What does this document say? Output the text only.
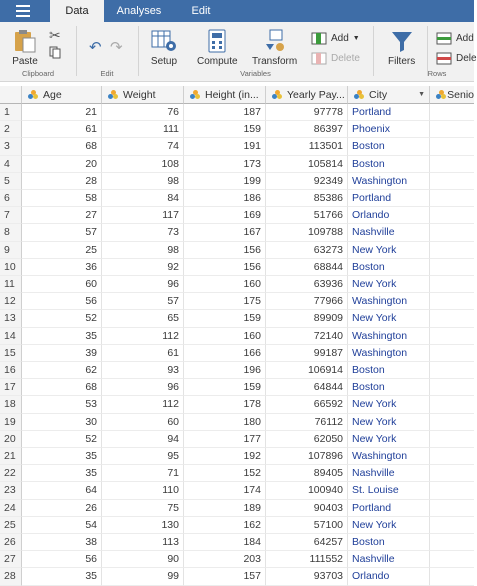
Data	Analyses	Edit
Paste
✂
Clipboard
↶ ↷
Edit
Setup Compute Transform
Add ▼
Delete
Variables
Filters
Add
Dele
Rows
Age	Weight	Height (in...	Yearly Pay... City	▼ Senio
1	21	76	187	97778 Portland
2	61	111	159	86397 Phoenix
3	68	74	191	113501 Boston
4	20	108	173	105814 Boston
5	28	98	199	92349 Washington
6	58	84	186	85386 Portland
7	27	117	169	51766 Orlando
8	57	73	167	109788 Nashville
9	25	98	156	63273 New York
10	36	92	156	68844 Boston
11	60	96	160	63936 New York
12	56	57	175	77966 Washington
13	52	65	159	89909 New York
14	35	112	160	72140 Washington
15	39	61	166	99187 Washington
16	62	93	196	106914 Boston
17	68	96	159	64844 Boston
18	53	112	178	66592 New York
19	30	60	180	76112 New York
20	52	94	177	62050 New York
21	35	95	192	107896 Washington
22	35	71	152	89405 Nashville
23	64	110	174	100940 St. Louise
24	26	75	189	90403 Portland
25	54	130	162	57100 New York
26	38	113	184	64257 Boston
27	56	90	203	111552 Nashville
28	35	99	157	93703 Orlando
